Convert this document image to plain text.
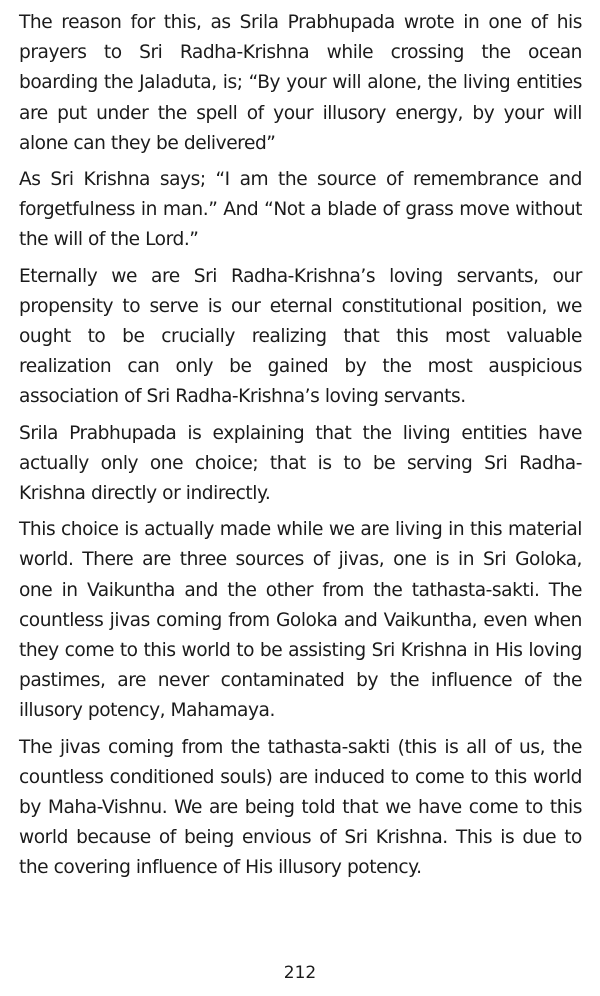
The reason for this, as Srila Prabhupada wrote in one of his prayers to Sri Radha-Krishna while crossing the ocean boarding the Jaladuta, is; “By your will alone, the living entities are put under the spell of your illusory energy, by your will alone can they be delivered”

As Sri Krishna says; “I am the source of remembrance and forgetfulness in man.” And “Not a blade of grass move without the will of the Lord.”

Eternally we are Sri Radha-Krishna’s loving servants, our propensity to serve is our eternal constitutional position, we ought to be crucially realizing that this most valuable realization can only be gained by the most auspicious association of Sri Radha-Krishna’s loving servants.

Srila Prabhupada is explaining that the living entities have actually only one choice; that is to be serving Sri Radha-Krishna directly or indirectly.

This choice is actually made while we are living in this material world. There are three sources of jivas, one is in Sri Goloka, one in Vaikuntha and the other from the tathasta-sakti. The countless jivas coming from Goloka and Vaikuntha, even when they come to this world to be assisting Sri Krishna in His loving pastimes, are never contaminated by the influence of the illusory potency, Mahamaya.

The jivas coming from the tathasta-sakti (this is all of us, the countless conditioned souls) are induced to come to this world by Maha-Vishnu. We are being told that we have come to this world because of being envious of Sri Krishna. This is due to the covering influence of His illusory potency.

212
